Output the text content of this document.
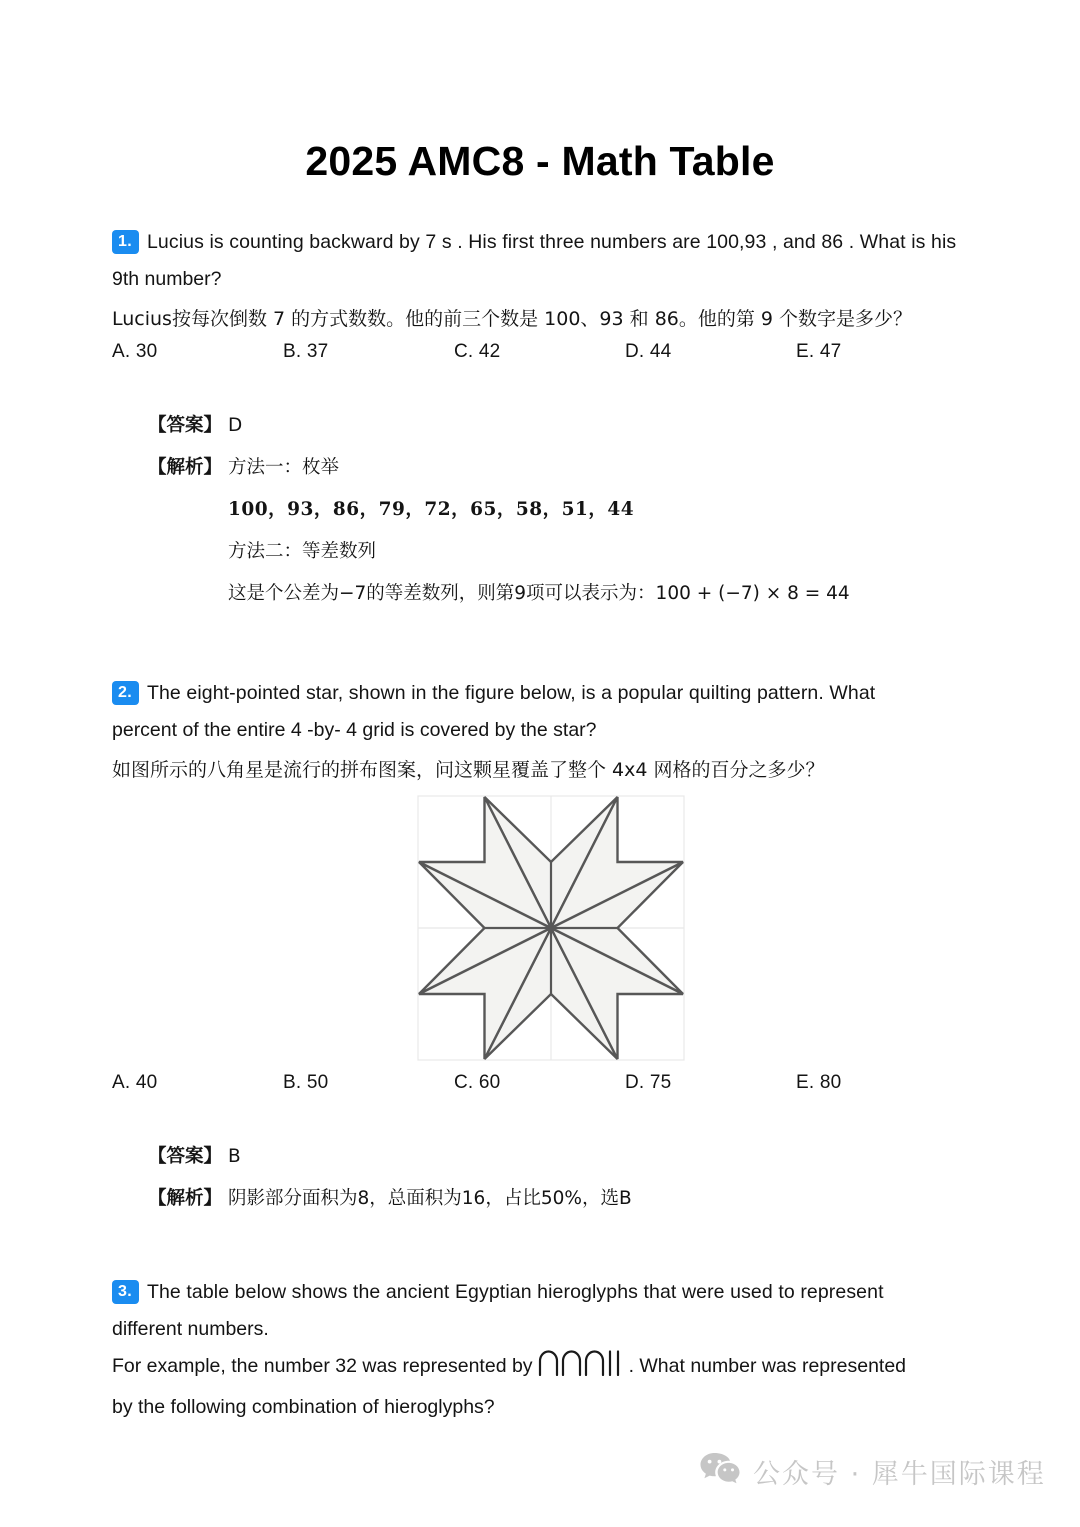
2025 AMC8 - Math Table
1. Lucius is counting backward by 7 s . His first three numbers are 100,93 , and 86 . What is his
9th number?
Lucius按每次倒数 7 的方式数数。他的前三个数是 100、93 和 86。他的第 9 个数字是多少？
A. 30	B. 37	C. 42	D. 44	E. 47
【答案】 D
【解析】 方法一：枚举
100，93，86，79，72，65，58，51，44
方法二：等差数列
这是个公差为−7的等差数列，则第9项可以表示为：100 + (−7) × 8 = 44
2. The eight-pointed star, shown in the figure below, is a popular quilting pattern. What
percent of the entire 4 -by- 4 grid is covered by the star?
如图所示的八角星是流行的拼布图案，问这颗星覆盖了整个 4x4 网格的百分之多少？
A. 40	B. 50	C. 60	D. 75	E. 80
【答案】 B
【解析】 阴影部分面积为8，总面积为16，占比50%，选B
3. The table below shows the ancient Egyptian hieroglyphs that were used to represent
different numbers.
For example, the number 32 was represented by	. What number was represented
by the following combination of hieroglyphs?
公众号 · 犀牛国际课程
